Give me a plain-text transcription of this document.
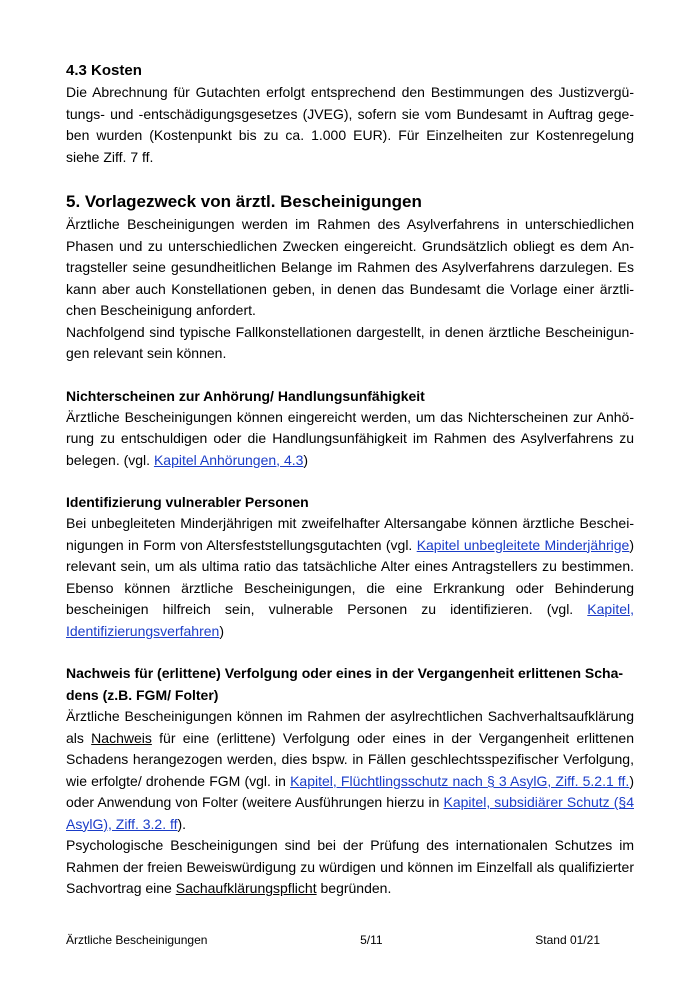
4.3 Kosten

Die Abrechnung für Gutachten erfolgt entsprechend den Bestimmungen des Justizvergütungs- und -entschädigungsgesetzes (JVEG), sofern sie vom Bundesamt in Auftrag gegeben wurden (Kostenpunkt bis zu ca. 1.000 EUR). Für Einzelheiten zur Kostenregelung siehe Ziff. 7 ff.

5. Vorlagezweck von ärztl. Bescheinigungen

Ärztliche Bescheinigungen werden im Rahmen des Asylverfahrens in unterschiedlichen Phasen und zu unterschiedlichen Zwecken eingereicht. Grundsätzlich obliegt es dem Antragsteller seine gesundheitlichen Belange im Rahmen des Asylverfahrens darzulegen. Es kann aber auch Konstellationen geben, in denen das Bundesamt die Vorlage einer ärztlichen Bescheinigung anfordert.

Nachfolgend sind typische Fallkonstellationen dargestellt, in denen ärztliche Bescheinigungen relevant sein können.

Nichterscheinen zur Anhörung/ Handlungsunfähigkeit

Ärztliche Bescheinigungen können eingereicht werden, um das Nichterscheinen zur Anhörung zu entschuldigen oder die Handlungsunfähigkeit im Rahmen des Asylverfahrens zu belegen. (vgl. Kapitel Anhörungen, 4.3)

Identifizierung vulnerabler Personen

Bei unbegleiteten Minderjährigen mit zweifelhafter Altersangabe können ärztliche Bescheinigungen in Form von Altersfeststellungsgutachten (vgl. Kapitel unbegleitete Minderjährige) relevant sein, um als ultima ratio das tatsächliche Alter eines Antragstellers zu bestimmen. Ebenso können ärztliche Bescheinigungen, die eine Erkrankung oder Behinderung bescheinigen hilfreich sein, vulnerable Personen zu identifizieren. (vgl. Kapitel, Identifizierungsverfahren)

Nachweis für (erlittene) Verfolgung oder eines in der Vergangenheit erlittenen Schadens (z.B. FGM/ Folter)

Ärztliche Bescheinigungen können im Rahmen der asylrechtlichen Sachverhaltsaufklärung als Nachweis für eine (erlittene) Verfolgung oder eines in der Vergangenheit erlittenen Schadens herangezogen werden, dies bspw. in Fällen geschlechtsspezifischer Verfolgung, wie erfolgte/ drohende FGM (vgl. in Kapitel, Flüchtlingsschutz nach § 3 AsylG, Ziff. 5.2.1 ff.) oder Anwendung von Folter (weitere Ausführungen hierzu in Kapitel, subsidiärer Schutz (§4 AsylG), Ziff. 3.2. ff).

Psychologische Bescheinigungen sind bei der Prüfung des internationalen Schutzes im Rahmen der freien Beweiswürdigung zu würdigen und können im Einzelfall als qualifizierter Sachvortrag eine Sachaufklärungspflicht begründen.

Ärztliche Bescheinigungen	5/11	Stand 01/21
